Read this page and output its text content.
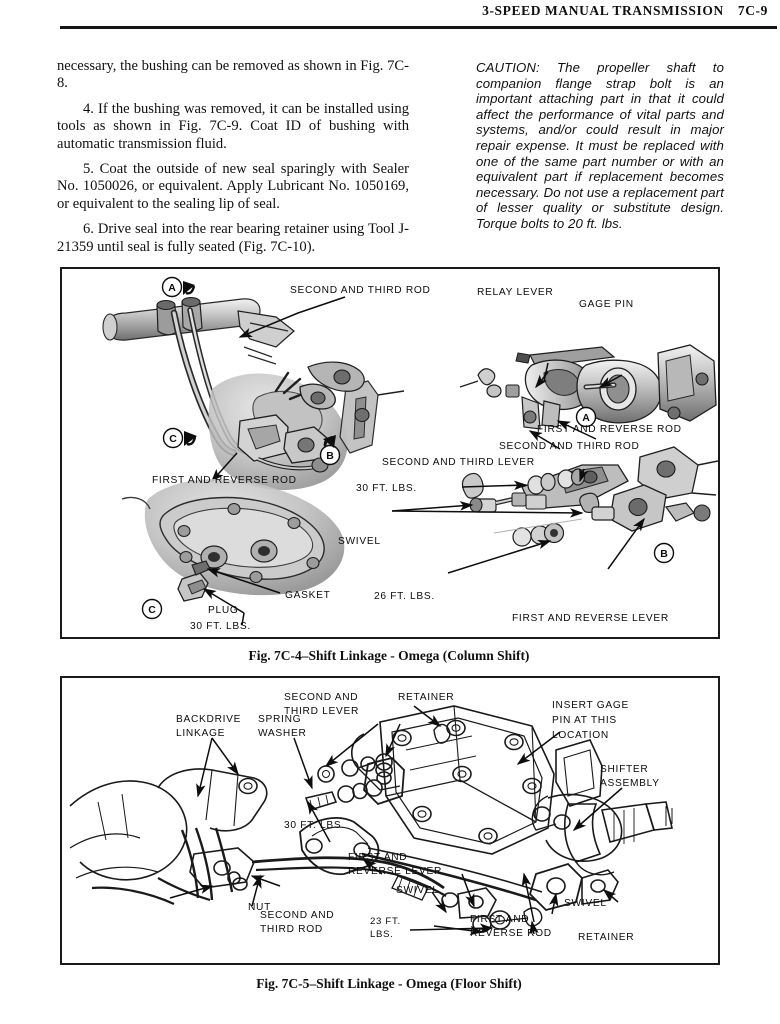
3-SPEED MANUAL TRANSMISSION 7C-9

necessary, the bushing can be removed as shown in Fig. 7C-8.

4. If the bushing was removed, it can be installed using tools as shown in Fig. 7C-9. Coat ID of bushing with automatic transmission fluid.

5. Coat the outside of new seal sparingly with Sealer No. 1050026, or equivalent. Apply Lubricant No. 1050169, or equivalent to the sealing lip of seal.

6. Drive seal into the rear bearing retainer using Tool J-21359 until seal is fully seated (Fig. 7C-10).

CAUTION: The propeller shaft to companion flange strap bolt is an important attaching part in that it could affect the performance of vital parts and systems, and/or could result in major repair expense. It must be replaced with one of the same part number or with an equivalent part if replacement becomes necessary. Do not use a replacement part of lesser quality or substitute design. Torque bolts to 20 ft. lbs.

A
C
B
A
B
C
SECOND AND THIRD ROD	RELAY LEVER
GAGE PIN
FIRST AND REVERSE ROD
SECOND AND THIRD ROD
FIRST AND REVERSE ROD
SECOND AND THIRD LEVER
30 FT. LBS.
SWIVEL
26 FT. LBS.
FIRST AND REVERSE LEVER
GASKET
PLUG
30 FT. LBS.
Fig. 7C-4–Shift Linkage - Omega (Column Shift)
SECOND AND
THIRD LEVER
RETAINER
BACKDRIVE
LINKAGE
SPRING
WASHER
INSERT GAGE
PIN AT THIS
LOCATION
SHIFTER
ASSEMBLY
30 FT. LBS.
NUT
FIRST AND
REVERSE LEVER
SECOND AND
THIRD ROD
SWIVEL
23 FT.
LBS.
FIRST AND
REVERSE ROD
SWIVEL
RETAINER
Fig. 7C-5–Shift Linkage - Omega (Floor Shift)
